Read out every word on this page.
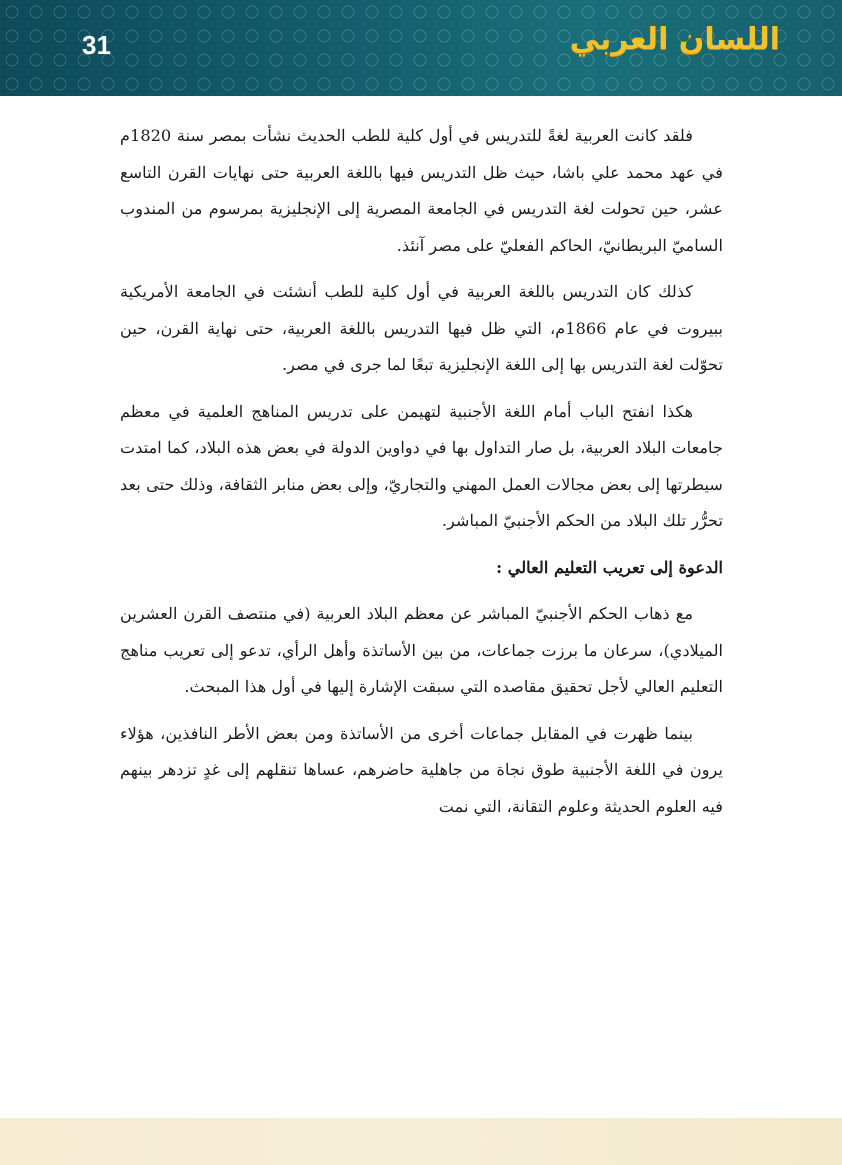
31	اللسان العربي

فلقد كانت العربية لغةً للتدريس في أول كلية للطب الحديث نشأت بمصر سنة 1820م في عهد محمد علي باشا، حيث ظل التدريس فيها باللغة العربية حتى نهايات القرن التاسع عشر، حين تحولت لغة التدريس في الجامعة المصرية إلى الإنجليزية بمرسوم من المندوب الساميّ البريطانيّ، الحاكم الفعليّ على مصر آنئذ.

كذلك كان التدريس باللغة العربية في أول كلية للطب أنشئت في الجامعة الأمريكية ببيروت في عام 1866م، التي ظل فيها التدريس باللغة العربية، حتى نهاية القرن، حين تحوّلت لغة التدريس بها إلى اللغة الإنجليزية تبعًا لما جرى في مصر.

هكذا انفتح الباب أمام اللغة الأجنبية لتهيمن على تدريس المناهج العلمية في معظم جامعات البلاد العربية، بل صار التداول بها في دواوين الدولة في بعض هذه البلاد، كما امتدت سيطرتها إلى بعض مجالات العمل المهني والتجاريّ، وإلى بعض منابر الثقافة، وذلك حتى بعد تحرُّر تلك البلاد من الحكم الأجنبيّ المباشر.

الدعوة إلى تعريب التعليم العالي :

مع ذهاب الحكم الأجنبيّ المباشر عن معظم البلاد العربية (في منتصف القرن العشرين الميلادي)، سرعان ما برزت جماعات، من بين الأساتذة وأهل الرأي، تدعو إلى تعريب مناهج التعليم العالي لأجل تحقيق مقاصده التي سبقت الإشارة إليها في أول هذا المبحث.

بينما ظهرت في المقابل جماعات أخرى من الأساتذة ومن بعض الأطر النافذين، هؤلاء يرون في اللغة الأجنبية طوق نجاة من جاهلية حاضرهم، عساها تنقلهم إلى غدٍ تزدهر بينهم فيه العلوم الحديثة وعلوم التقانة، التي نمت
